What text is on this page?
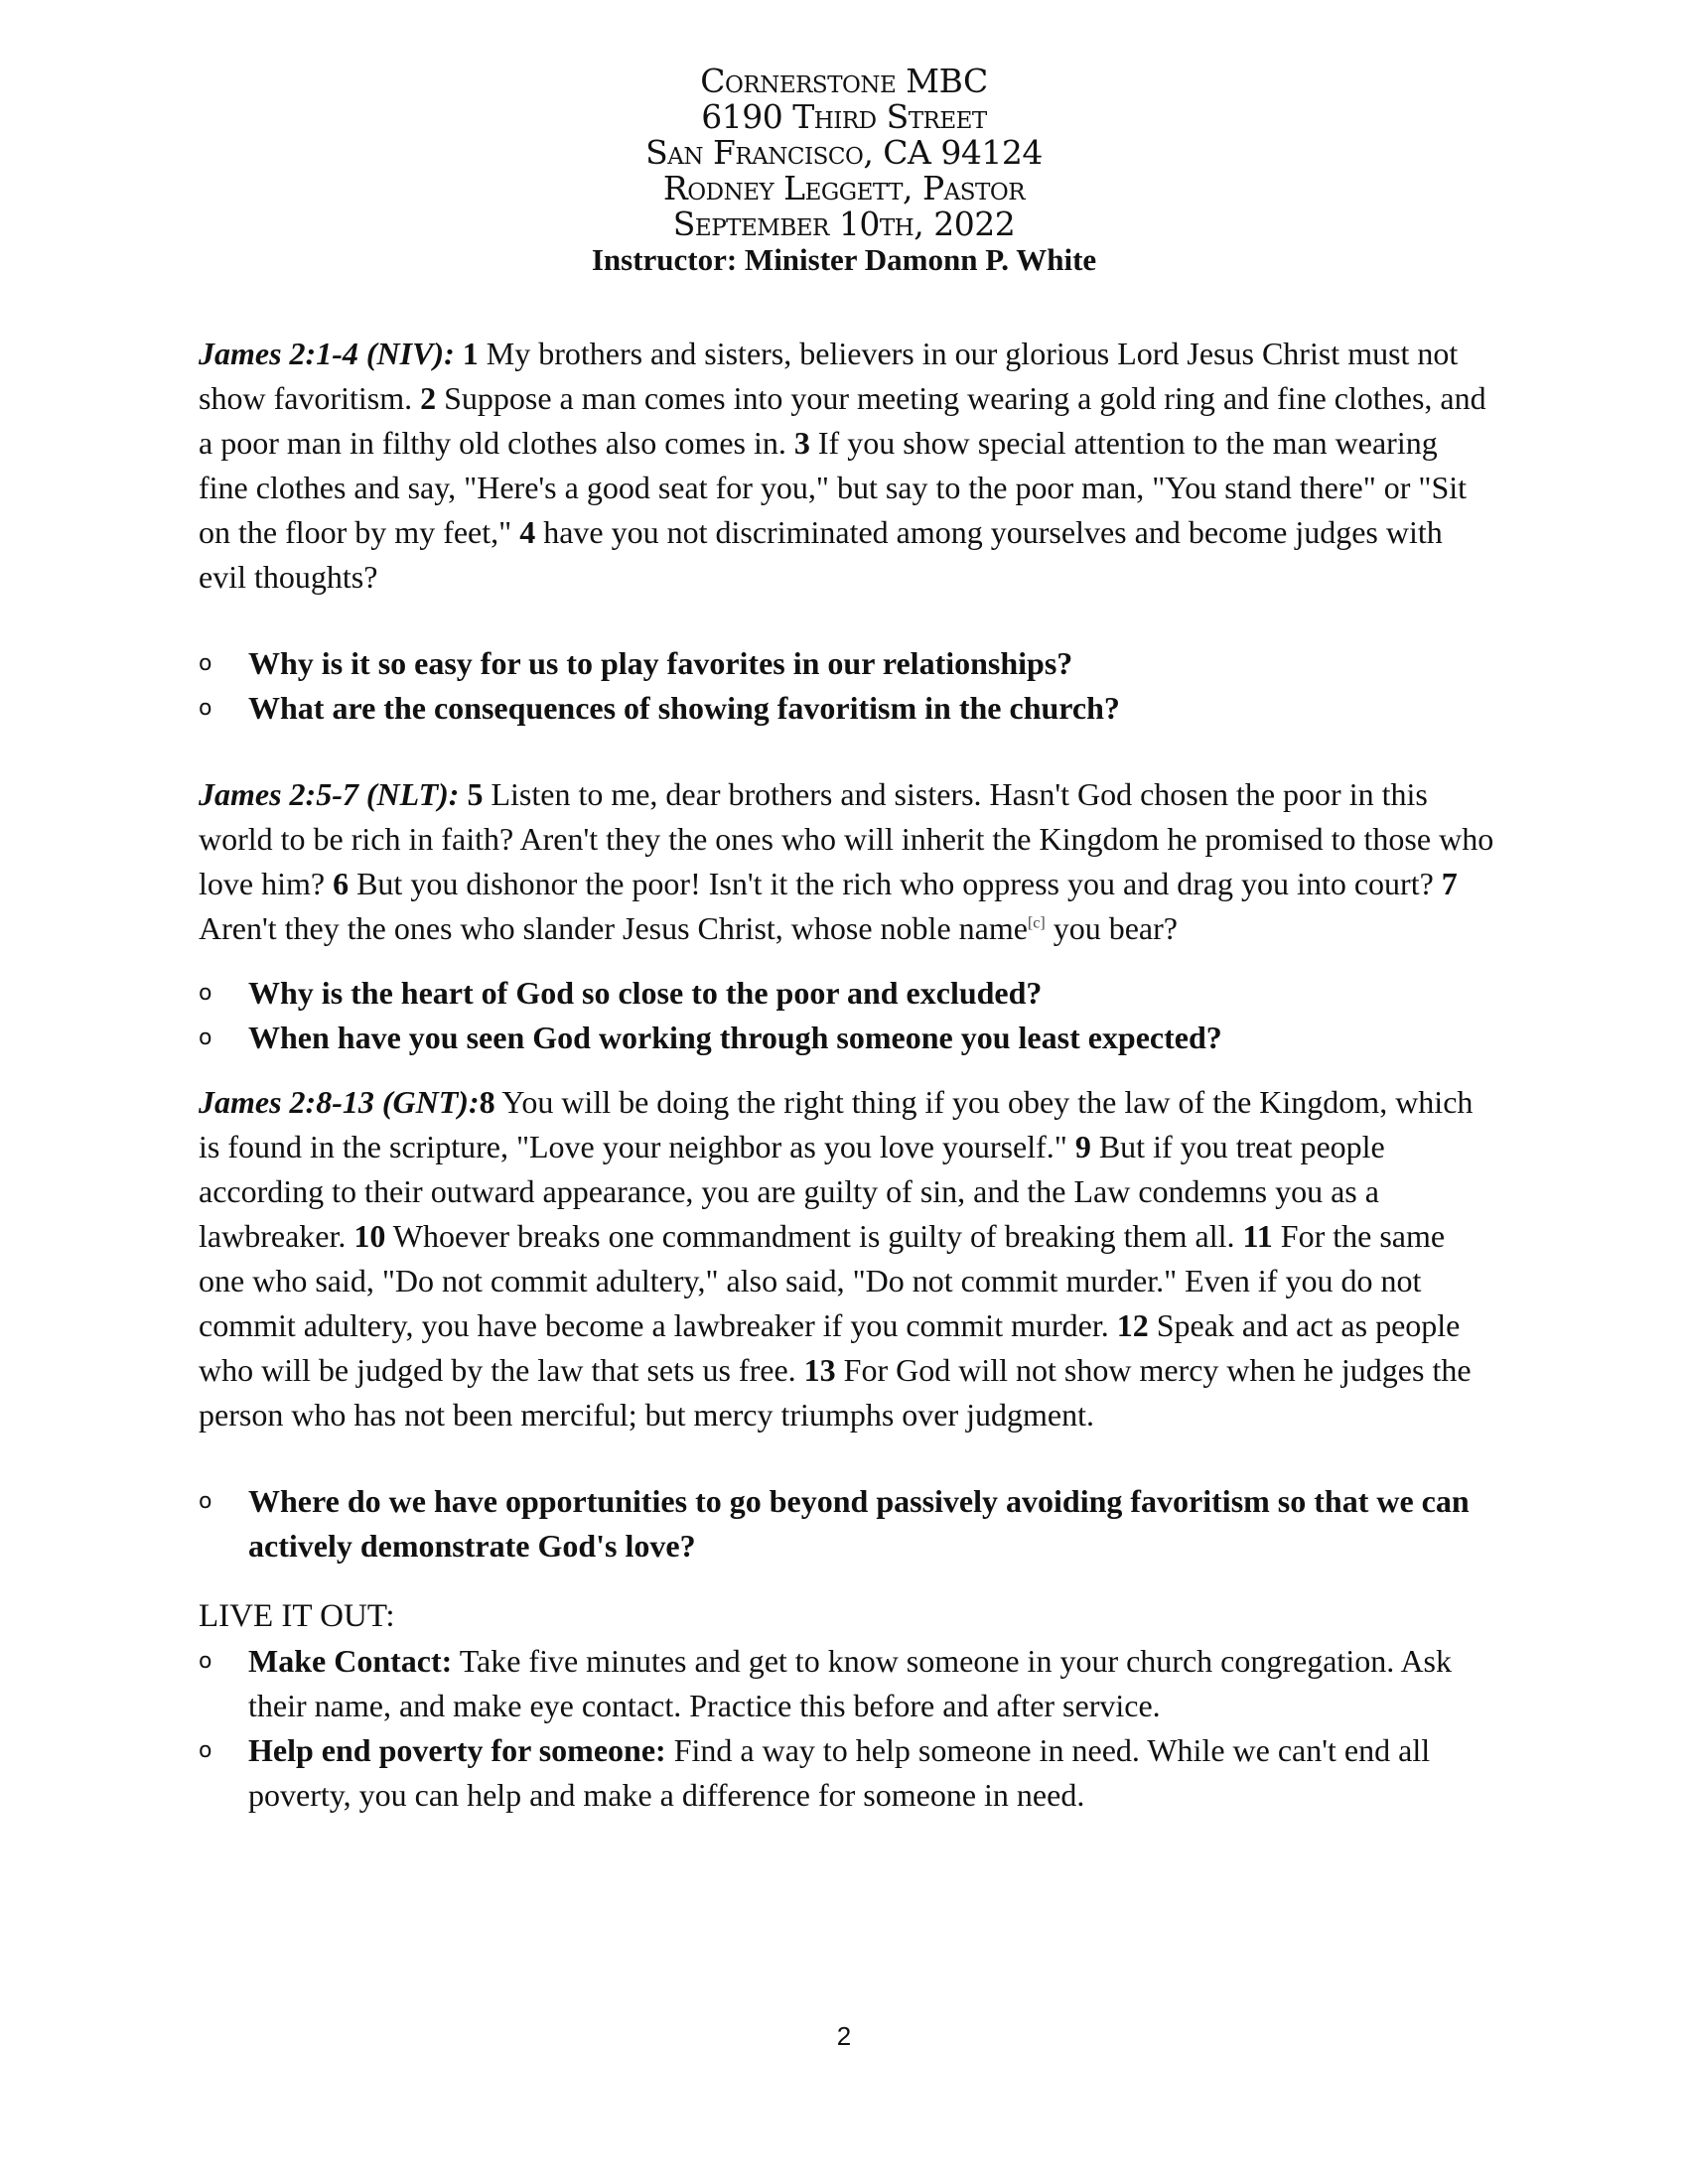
Cornerstone MBC
6190 Third Street
San Francisco, CA 94124
Rodney Leggett, Pastor
September 10th, 2022
Instructor: Minister Damonn P. White

James 2:1-4 (NIV): 1 My brothers and sisters, believers in our glorious Lord Jesus Christ must not show favoritism. 2 Suppose a man comes into your meeting wearing a gold ring and fine clothes, and a poor man in filthy old clothes also comes in. 3 If you show special attention to the man wearing fine clothes and say, "Here's a good seat for you," but say to the poor man, "You stand there" or "Sit on the floor by my feet," 4 have you not discriminated among yourselves and become judges with evil thoughts?

o Why is it so easy for us to play favorites in our relationships?
o What are the consequences of showing favoritism in the church?

James 2:5-7 (NLT): 5 Listen to me, dear brothers and sisters. Hasn't God chosen the poor in this world to be rich in faith? Aren't they the ones who will inherit the Kingdom he promised to those who love him? 6 But you dishonor the poor! Isn't it the rich who oppress you and drag you into court? 7 Aren't they the ones who slander Jesus Christ, whose noble name[c] you bear?

o Why is the heart of God so close to the poor and excluded?
o When have you seen God working through someone you least expected?

James 2:8-13 (GNT):8 You will be doing the right thing if you obey the law of the Kingdom, which is found in the scripture, "Love your neighbor as you love yourself." 9 But if you treat people according to their outward appearance, you are guilty of sin, and the Law condemns you as a lawbreaker. 10 Whoever breaks one commandment is guilty of breaking them all. 11 For the same one who said, "Do not commit adultery," also said, "Do not commit murder." Even if you do not commit adultery, you have become a lawbreaker if you commit murder. 12 Speak and act as people who will be judged by the law that sets us free. 13 For God will not show mercy when he judges the person who has not been merciful; but mercy triumphs over judgment.

o Where do we have opportunities to go beyond passively avoiding favoritism so that we can actively demonstrate God's love?
LIVE IT OUT:
o Make Contact: Take five minutes and get to know someone in your church congregation. Ask their name, and make eye contact. Practice this before and after service.
o Help end poverty for someone: Find a way to help someone in need. While we can't end all poverty, you can help and make a difference for someone in need.
2
